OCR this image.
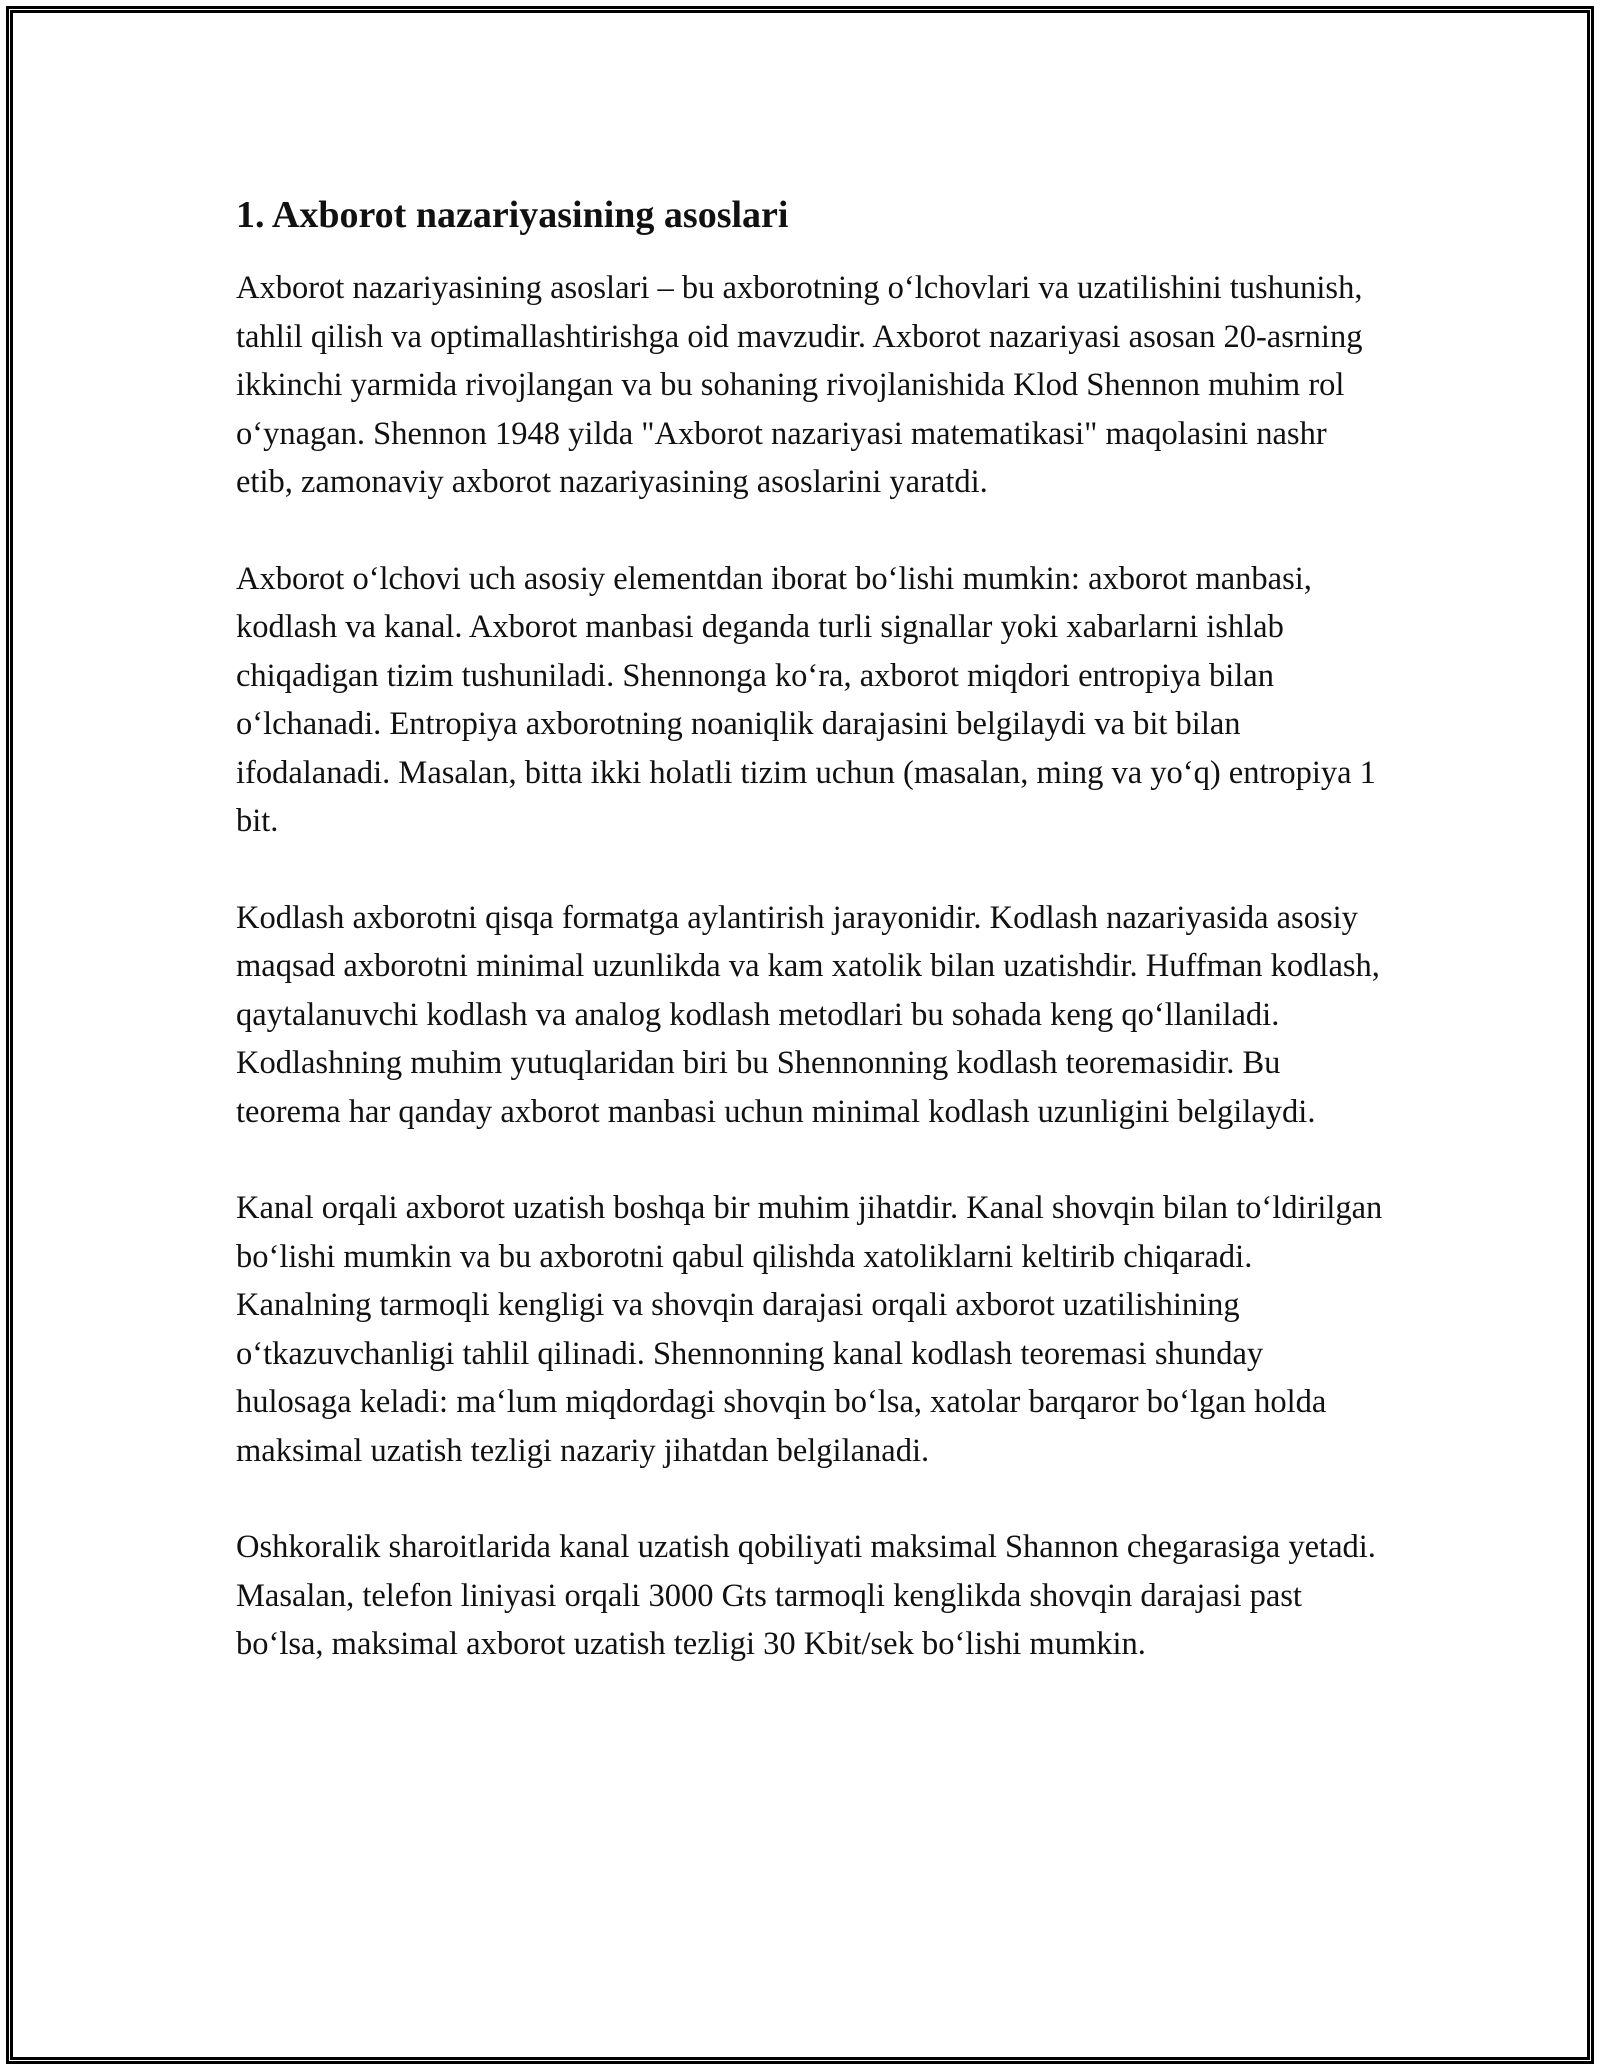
1. Axborot nazariyasining asoslari

Axborot nazariyasining asoslari – bu axborotning o‘lchovlari va uzatilishini tushunish, tahlil qilish va optimallashtirishga oid mavzudir. Axborot nazariyasi asosan 20-asrning ikkinchi yarmida rivojlangan va bu sohaning rivojlanishida Klod Shennon muhim rol o‘ynagan. Shennon 1948 yilda "Axborot nazariyasi matematikasi" maqolasini nashr etib, zamonaviy axborot nazariyasining asoslarini yaratdi.

Axborot o‘lchovi uch asosiy elementdan iborat bo‘lishi mumkin: axborot manbasi, kodlash va kanal. Axborot manbasi deganda turli signallar yoki xabarlarni ishlab chiqadigan tizim tushuniladi. Shennonga ko‘ra, axborot miqdori entropiya bilan o‘lchanadi. Entropiya axborotning noaniqlik darajasini belgilaydi va bit bilan ifodalanadi. Masalan, bitta ikki holatli tizim uchun (masalan, ming va yo‘q) entropiya 1 bit.

Kodlash axborotni qisqa formatga aylantirish jarayonidir. Kodlash nazariyasida asosiy maqsad axborotni minimal uzunlikda va kam xatolik bilan uzatishdir. Huffman kodlash, qaytalanuvchi kodlash va analog kodlash metodlari bu sohada keng qo‘llaniladi. Kodlashning muhim yutuqlaridan biri bu Shennonning kodlash teoremasidir. Bu teorema har qanday axborot manbasi uchun minimal kodlash uzunligini belgilaydi.

Kanal orqali axborot uzatish boshqa bir muhim jihatdir. Kanal shovqin bilan to‘ldirilgan bo‘lishi mumkin va bu axborotni qabul qilishda xatoliklarni keltirib chiqaradi. Kanalning tarmoqli kengligi va shovqin darajasi orqali axborot uzatilishining o‘tkazuvchanligi tahlil qilinadi. Shennonning kanal kodlash teoremasi shunday hulosaga keladi: ma‘lum miqdordagi shovqin bo‘lsa, xatolar barqaror bo‘lgan holda maksimal uzatish tezligi nazariy jihatdan belgilanadi.

Oshkoralik sharoitlarida kanal uzatish qobiliyati maksimal Shannon chegarasiga yetadi. Masalan, telefon liniyasi orqali 3000 Gts tarmoqli kenglikda shovqin darajasi past bo‘lsa, maksimal axborot uzatish tezligi 30 Kbit/sek bo‘lishi mumkin.
